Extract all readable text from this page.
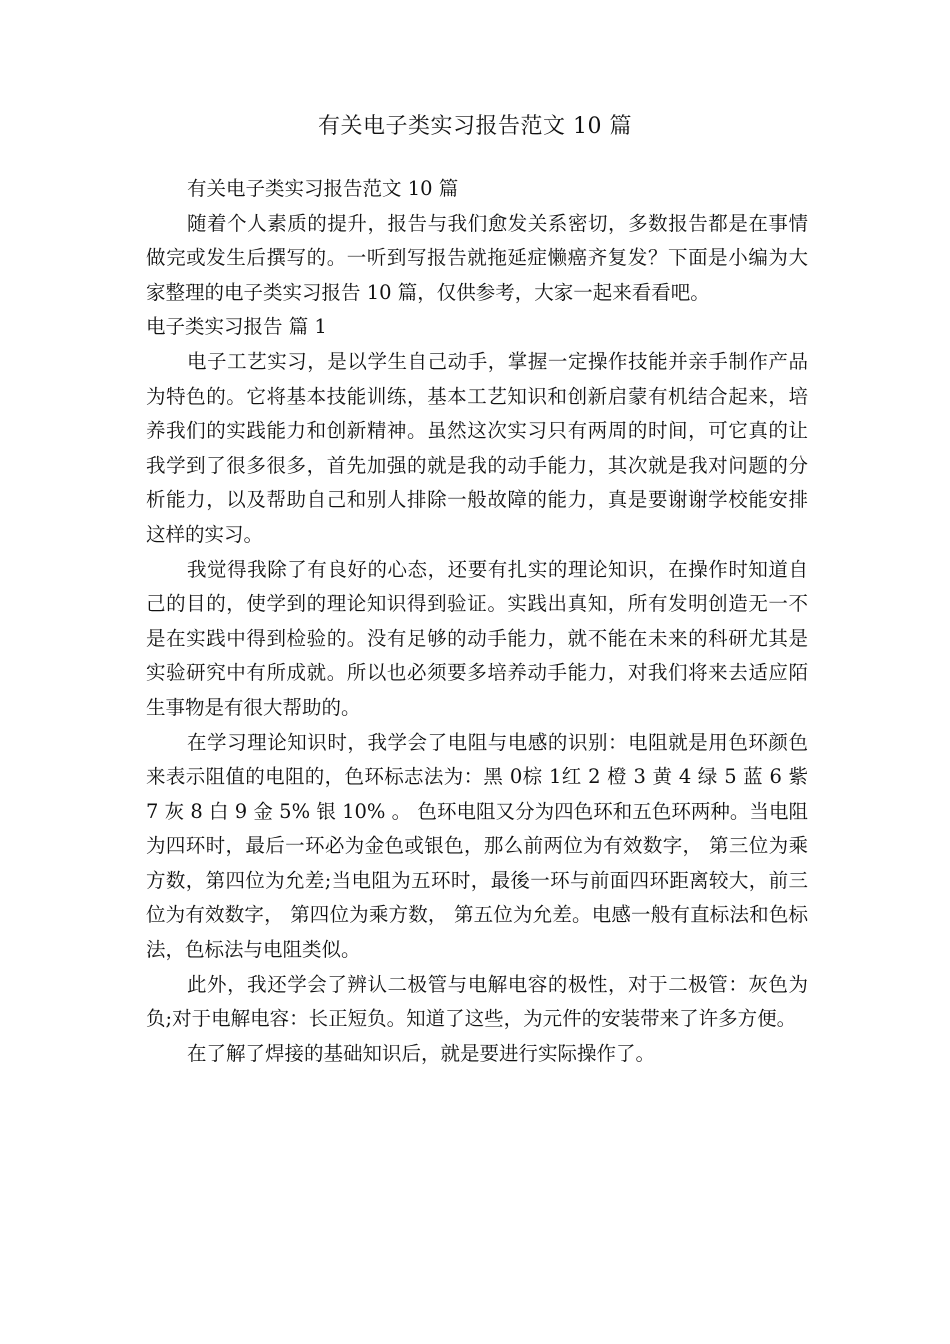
有关电子类实习报告范文 10 篇

有关电子类实习报告范文 10 篇

随着个人素质的提升，报告与我们愈发关系密切，多数报告都是在事情做完或发生后撰写的。一听到写报告就拖延症懒癌齐复发？下面是小编为大家整理的电子类实习报告 10 篇，仅供参考，大家一起来看看吧。

电子类实习报告 篇 1

电子工艺实习，是以学生自己动手，掌握一定操作技能并亲手制作产品为特色的。它将基本技能训练，基本工艺知识和创新启蒙有机结合起来，培养我们的实践能力和创新精神。虽然这次实习只有两周的时间，可它真的让我学到了很多很多，首先加强的就是我的动手能力，其次就是我对问题的分析能力，以及帮助自己和别人排除一般故障的能力，真是要谢谢学校能安排这样的实习。

我觉得我除了有良好的心态，还要有扎实的理论知识，在操作时知道自己的目的，使学到的理论知识得到验证。实践出真知，所有发明创造无一不是在实践中得到检验的。没有足够的动手能力，就不能在未来的科研尤其是实验研究中有所成就。所以也必须要多培养动手能力，对我们将来去适应陌生事物是有很大帮助的。

在学习理论知识时，我学会了电阻与电感的识别：电阻就是用色环颜色来表示阻值的电阻的，色环标志法为：黑 0棕 1红 2 橙 3 黄 4 绿 5 蓝 6 紫 7 灰 8 白 9 金 5% 银 10% 。 色环电阻又分为四色环和五色环两种。当电阻为四环时，最后一环必为金色或银色，那么前两位为有效数字， 第三位为乘方数，第四位为允差;当电阻为五环时，最後一环与前面四环距离较大，前三位为有效数字， 第四位为乘方数， 第五位为允差。电感一般有直标法和色标法，色标法与电阻类似。

此外，我还学会了辨认二极管与电解电容的极性，对于二极管：灰色为负;对于电解电容：长正短负。知道了这些，为元件的安装带来了许多方便。

在了解了焊接的基础知识后，就是要进行实际操作了。
